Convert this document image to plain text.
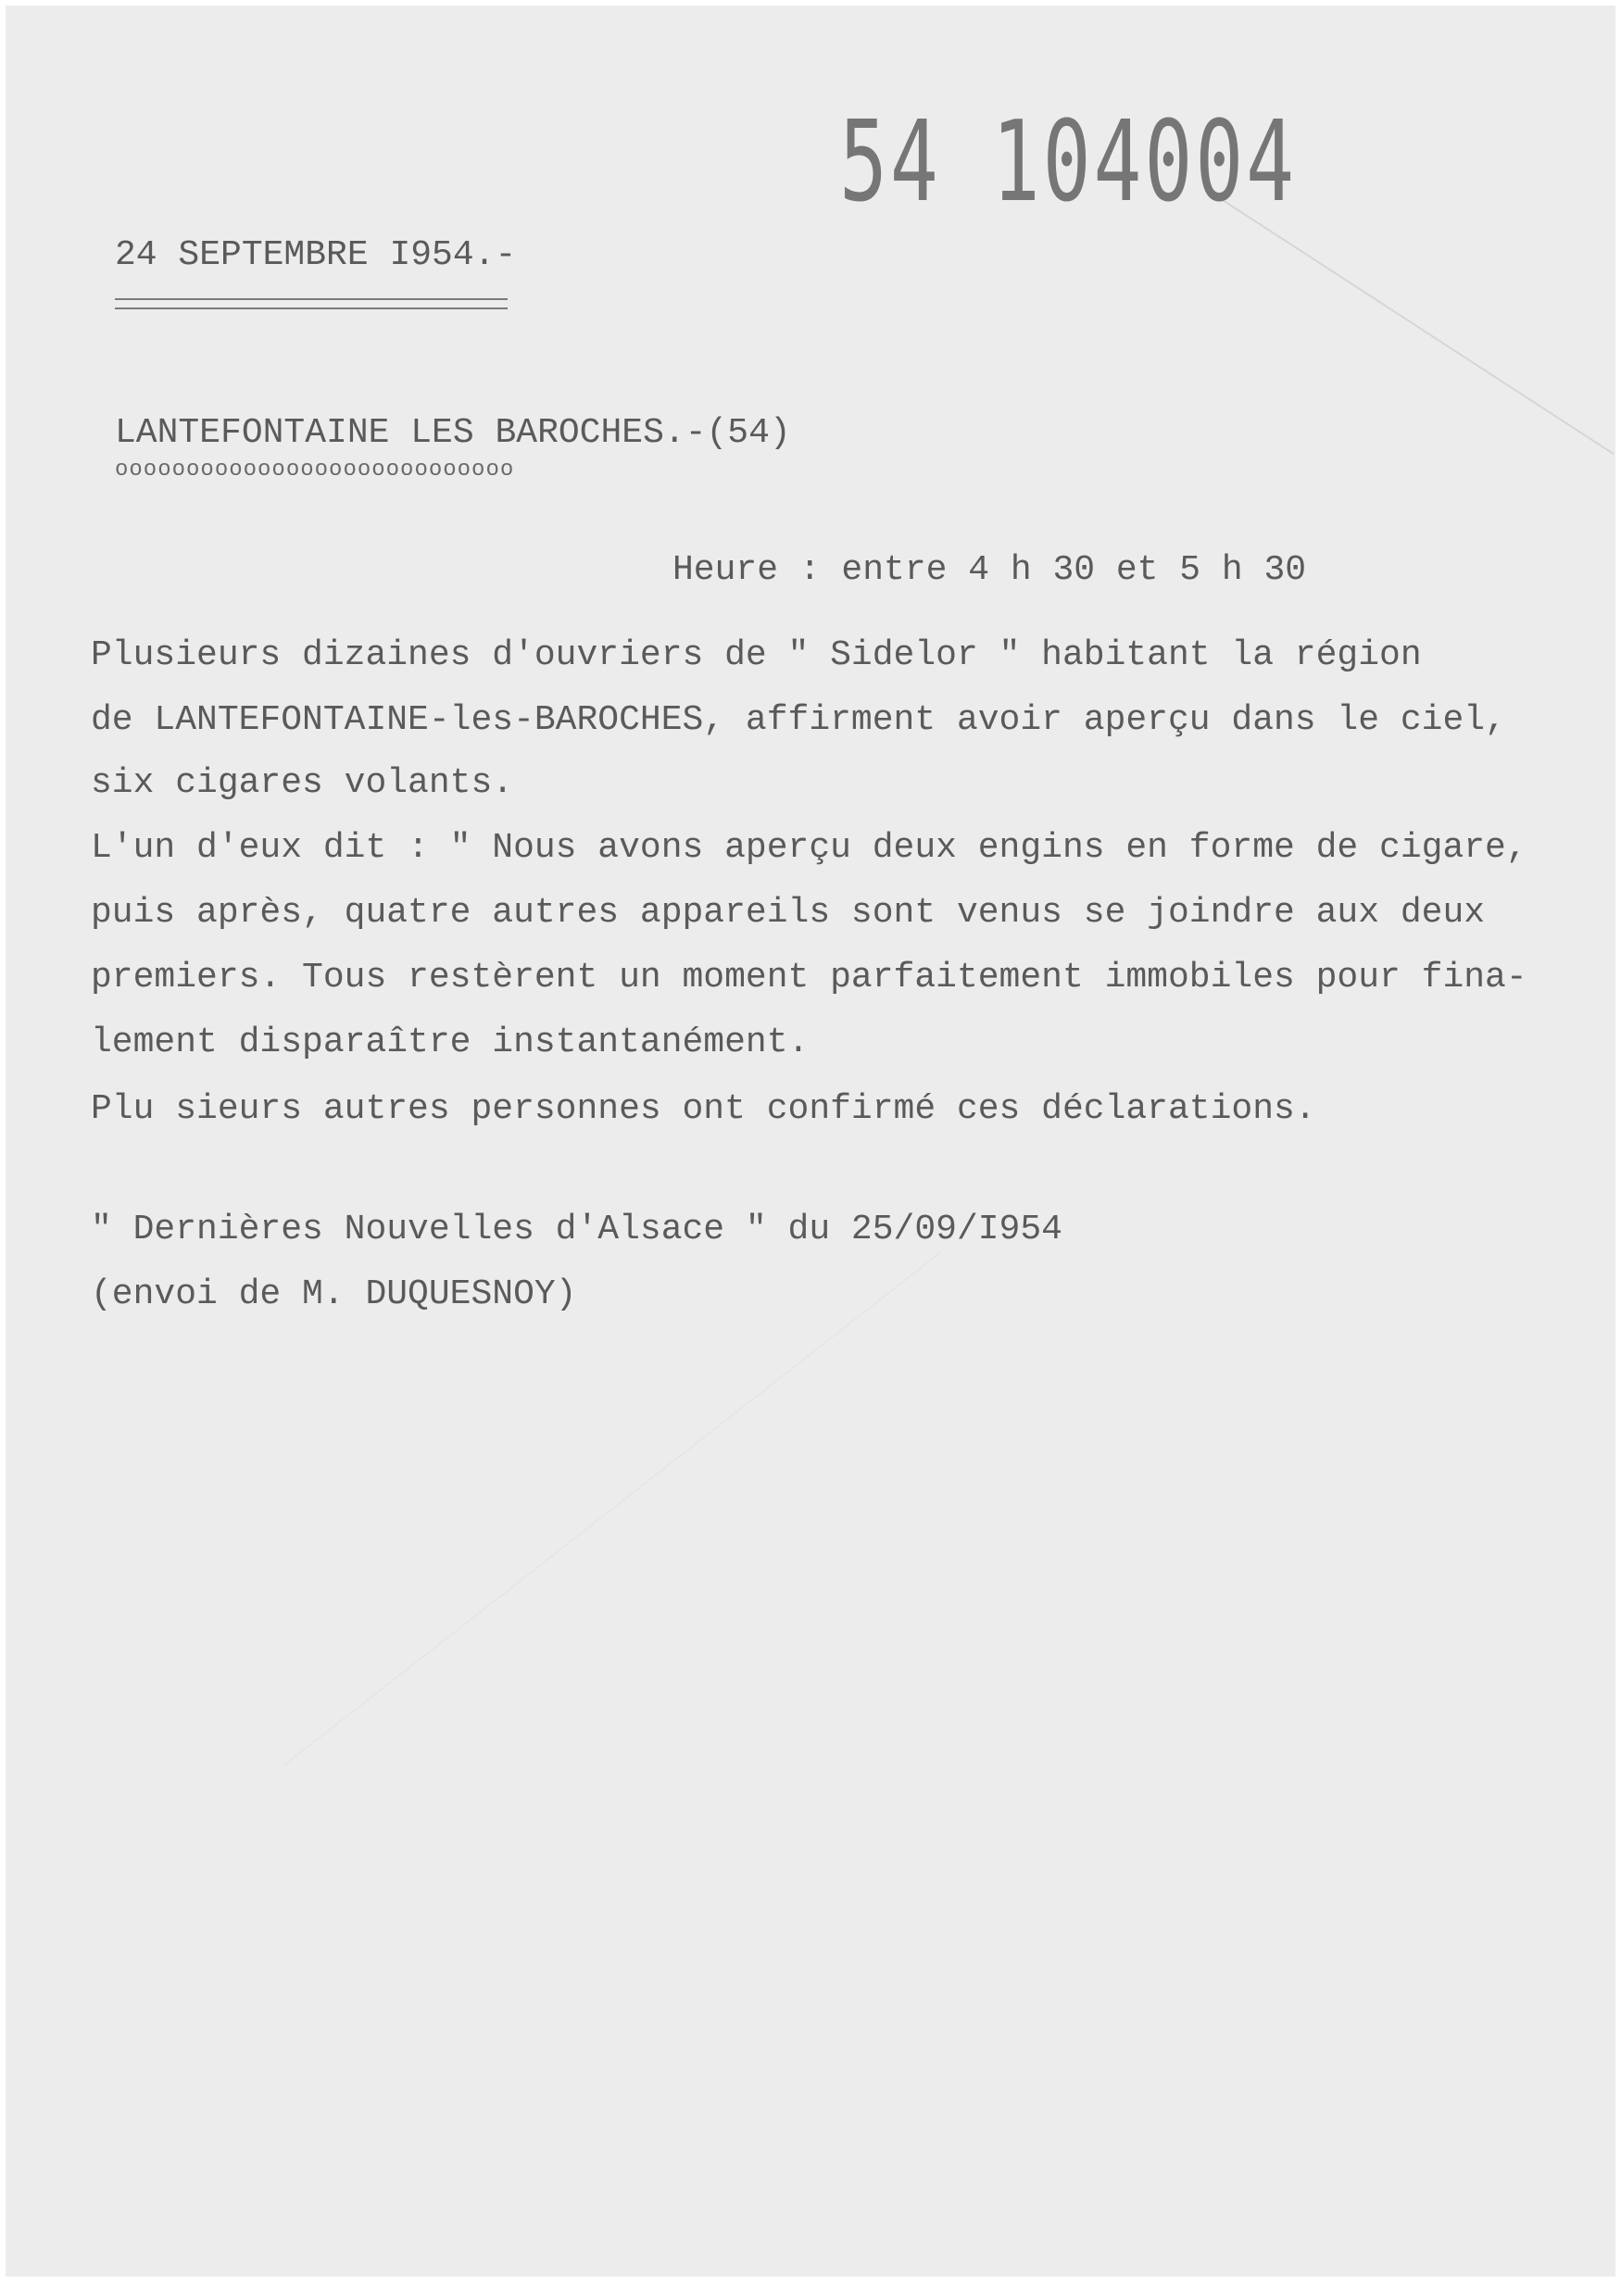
54 104004
24 SEPTEMBRE I954.-
LANTEFONTAINE LES BAROCHES.-(54)
oooooooooooooooooooooooooooo
Heure : entre 4 h 30 et 5 h 30
Plusieurs dizaines d'ouvriers de " Sidelor " habitant la région
de LANTEFONTAINE-les-BAROCHES, affirment avoir aperçu dans le ciel,
six cigares volants.
L'un d'eux dit : " Nous avons aperçu deux engins en forme de cigare,
puis après, quatre autres appareils sont venus se joindre aux deux
premiers. Tous restèrent un moment parfaitement immobiles pour fina-
lement disparaître instantanément.
Plu sieurs autres personnes ont confirmé ces déclarations.
" Dernières Nouvelles d'Alsace " du 25/09/I954
(envoi de M. DUQUESNOY)
